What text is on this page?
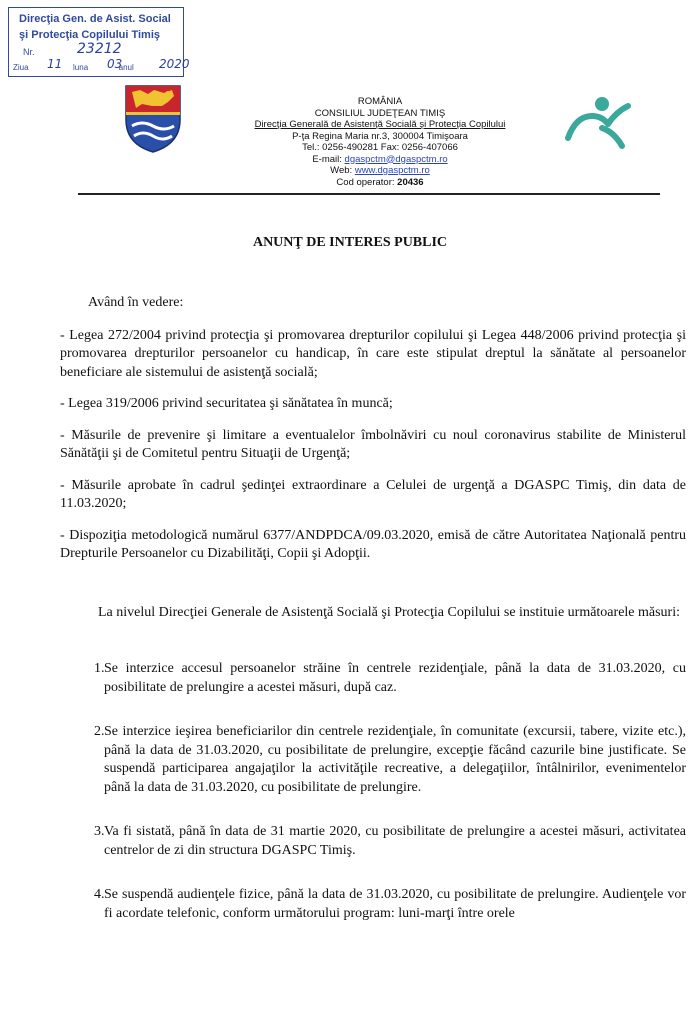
Direcţia Gen. de Asist. Social
şi Protecţia Copilului Timiş
Nr.	23212
Ziua	luna	anul
11	03	2020
ROMÂNIA
CONSILIUL JUDEŢEAN TIMIŞ
Direcţia Generală de Asistenţă Socială şi Protecţia Copilului
P-ţa Regina Maria nr.3, 300004 Timişoara
Tel.: 0256-490281 Fax: 0256-407066
E-mail: dgaspctm@dgaspctm.ro
Web: www.dgaspctm.ro
Cod operator: 20436
ANUNŢ DE INTERES PUBLIC

Având în vedere:

- Legea 272/2004 privind protecţia şi promovarea drepturilor copilului şi Legea 448/2006 privind protecţia şi promovarea drepturilor persoanelor cu handicap, în care este stipulat dreptul la sănătate al persoanelor beneficiare ale sistemului de asistenţă socială;

- Legea 319/2006 privind securitatea şi sănătatea în muncă;

- Măsurile de prevenire şi limitare a eventualelor îmbolnăviri cu noul coronavirus stabilite de Ministerul Sănătăţii şi de Comitetul pentru Situaţii de Urgenţă;

- Măsurile aprobate în cadrul şedinţei extraordinare a Celulei de urgenţă a DGASPC Timiş, din data de 11.03.2020;

- Dispoziţia metodologică numărul 6377/ANDPDCA/09.03.2020, emisă de către Autoritatea Naţională pentru Drepturile Persoanelor cu Dizabilităţi, Copii şi Adopţii.

La nivelul Direcţiei Generale de Asistenţă Socială şi Protecţia Copilului se instituie următoarele măsuri:

1. Se interzice accesul persoanelor străine în centrele rezidenţiale, până la data de 31.03.2020, cu posibilitate de prelungire a acestei măsuri, după caz.
2. Se interzice ieşirea beneficiarilor din centrele rezidenţiale, în comunitate (excursii, tabere, vizite etc.), până la data de 31.03.2020, cu posibilitate de prelungire, excepţie făcând cazurile bine justificate. Se suspendă participarea angajaţilor la activităţile recreative, a delegaţiilor, întâlnirilor, evenimentelor până la data de 31.03.2020, cu posibilitate de prelungire.
3. Va fi sistată, până în data de 31 martie 2020, cu posibilitate de prelungire a acestei măsuri, activitatea centrelor de zi din structura DGASPC Timiş.
4. Se suspendă audienţele fizice, până la data de 31.03.2020, cu posibilitate de prelungire. Audienţele vor fi acordate telefonic, conform următorului program: luni-marţi între orele
